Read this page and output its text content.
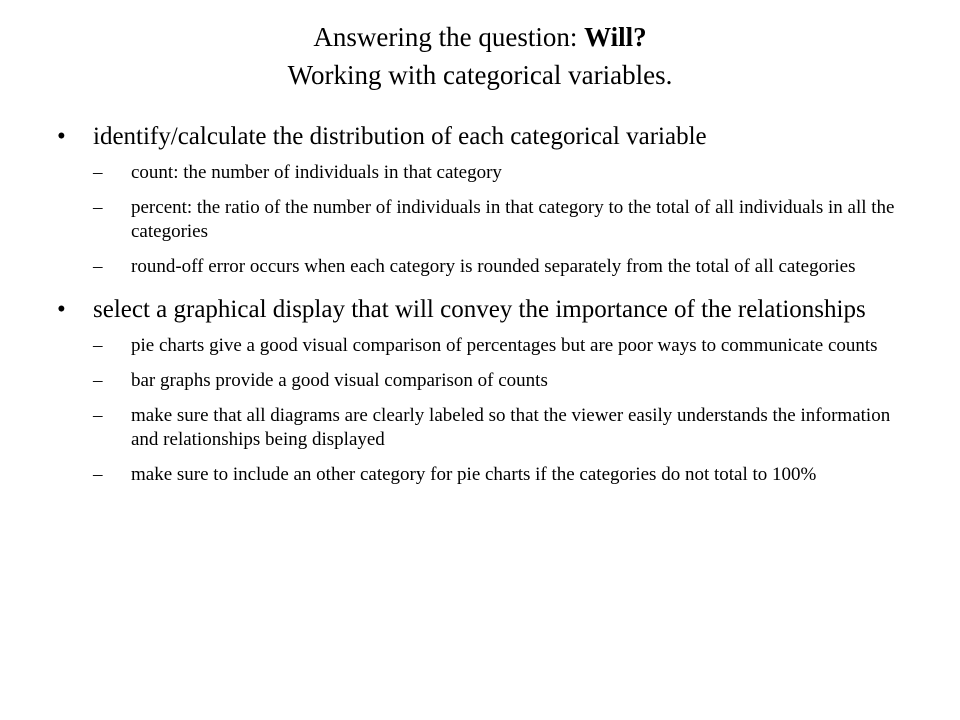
Answering the question: Will?
Working with categorical variables.
• identify/calculate the distribution of each categorical variable
– count: the number of individuals in that category
– percent: the ratio of the number of individuals in that category to the total of all individuals in all the categories
– round-off error occurs when each category is rounded separately from the total of all categories
• select a graphical display that will convey the importance of the relationships
– pie charts give a good visual comparison of percentages but are poor ways to communicate counts
– bar graphs provide a good visual comparison of counts
– make sure that all diagrams are clearly labeled so that the viewer easily understands the information and relationships being displayed
– make sure to include an other category for pie charts if the categories do not total to 100%
